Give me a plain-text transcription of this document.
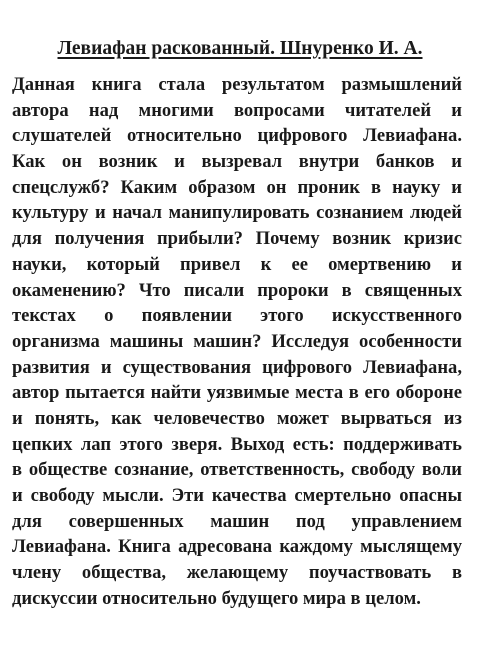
Левиафан раскованный. Шнуренко И. А.
Данная книга стала результатом размышлений
автора над многими вопросами читателей и
слушателей относительно цифрового Левиафана.
Как он возник и вызревал внутри банков и
спецслужб? Каким образом он проник в науку и
культуру и начал манипулировать сознанием людей
для получения прибыли? Почему возник кризис
науки, который привел к ее омертвению и
окаменению? Что писали пророки в священных
текстах о появлении этого искусственного
организма машины машин? Исследуя особенности
развития и существования цифрового Левиафана,
автор пытается найти уязвимые места в его обороне
и понять, как человечество может вырваться из
цепких лап этого зверя. Выход есть: поддерживать
в обществе сознание, ответственность, свободу воли
и свободу мысли. Эти качества смертельно опасны
для совершенных машин под управлением
Левиафана. Книга адресована каждому мыслящему
члену общества, желающему поучаствовать в
дискуссии относительно будущего мира в целом.
